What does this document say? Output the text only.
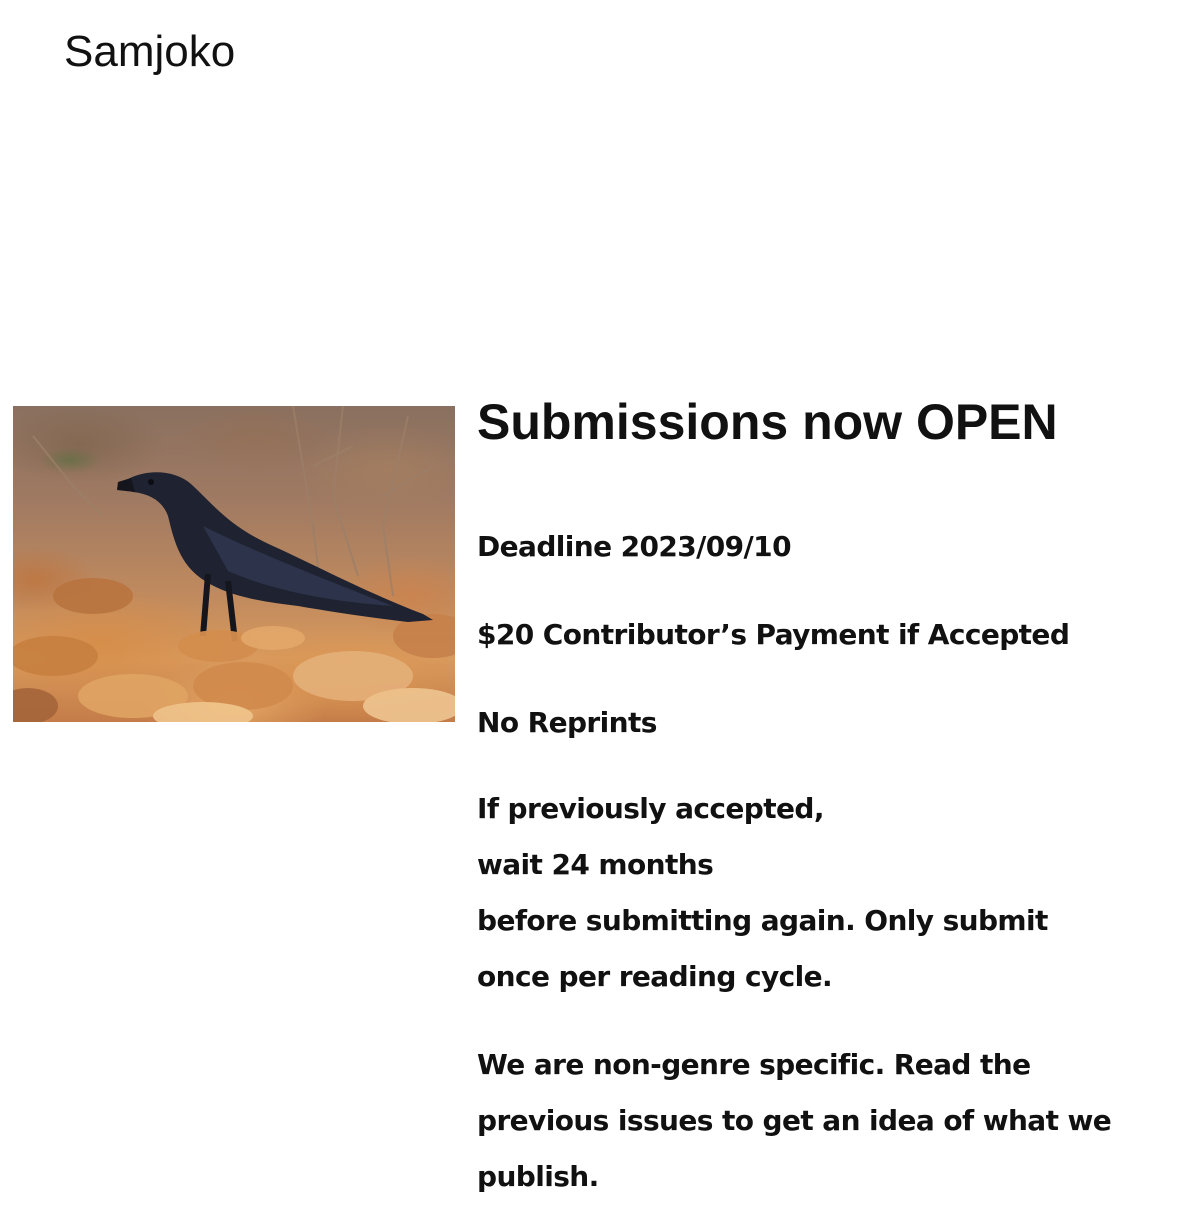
Samjoko
Submissions now OPEN

Deadline 2023/09/10

$20 Contributor’s Payment if Accepted

No Reprints

If previously accepted,
wait 24 months
before submitting again. Only submit
once per reading cycle.

We are non-genre specific. Read the
previous issues to get an idea of what we
publish.
